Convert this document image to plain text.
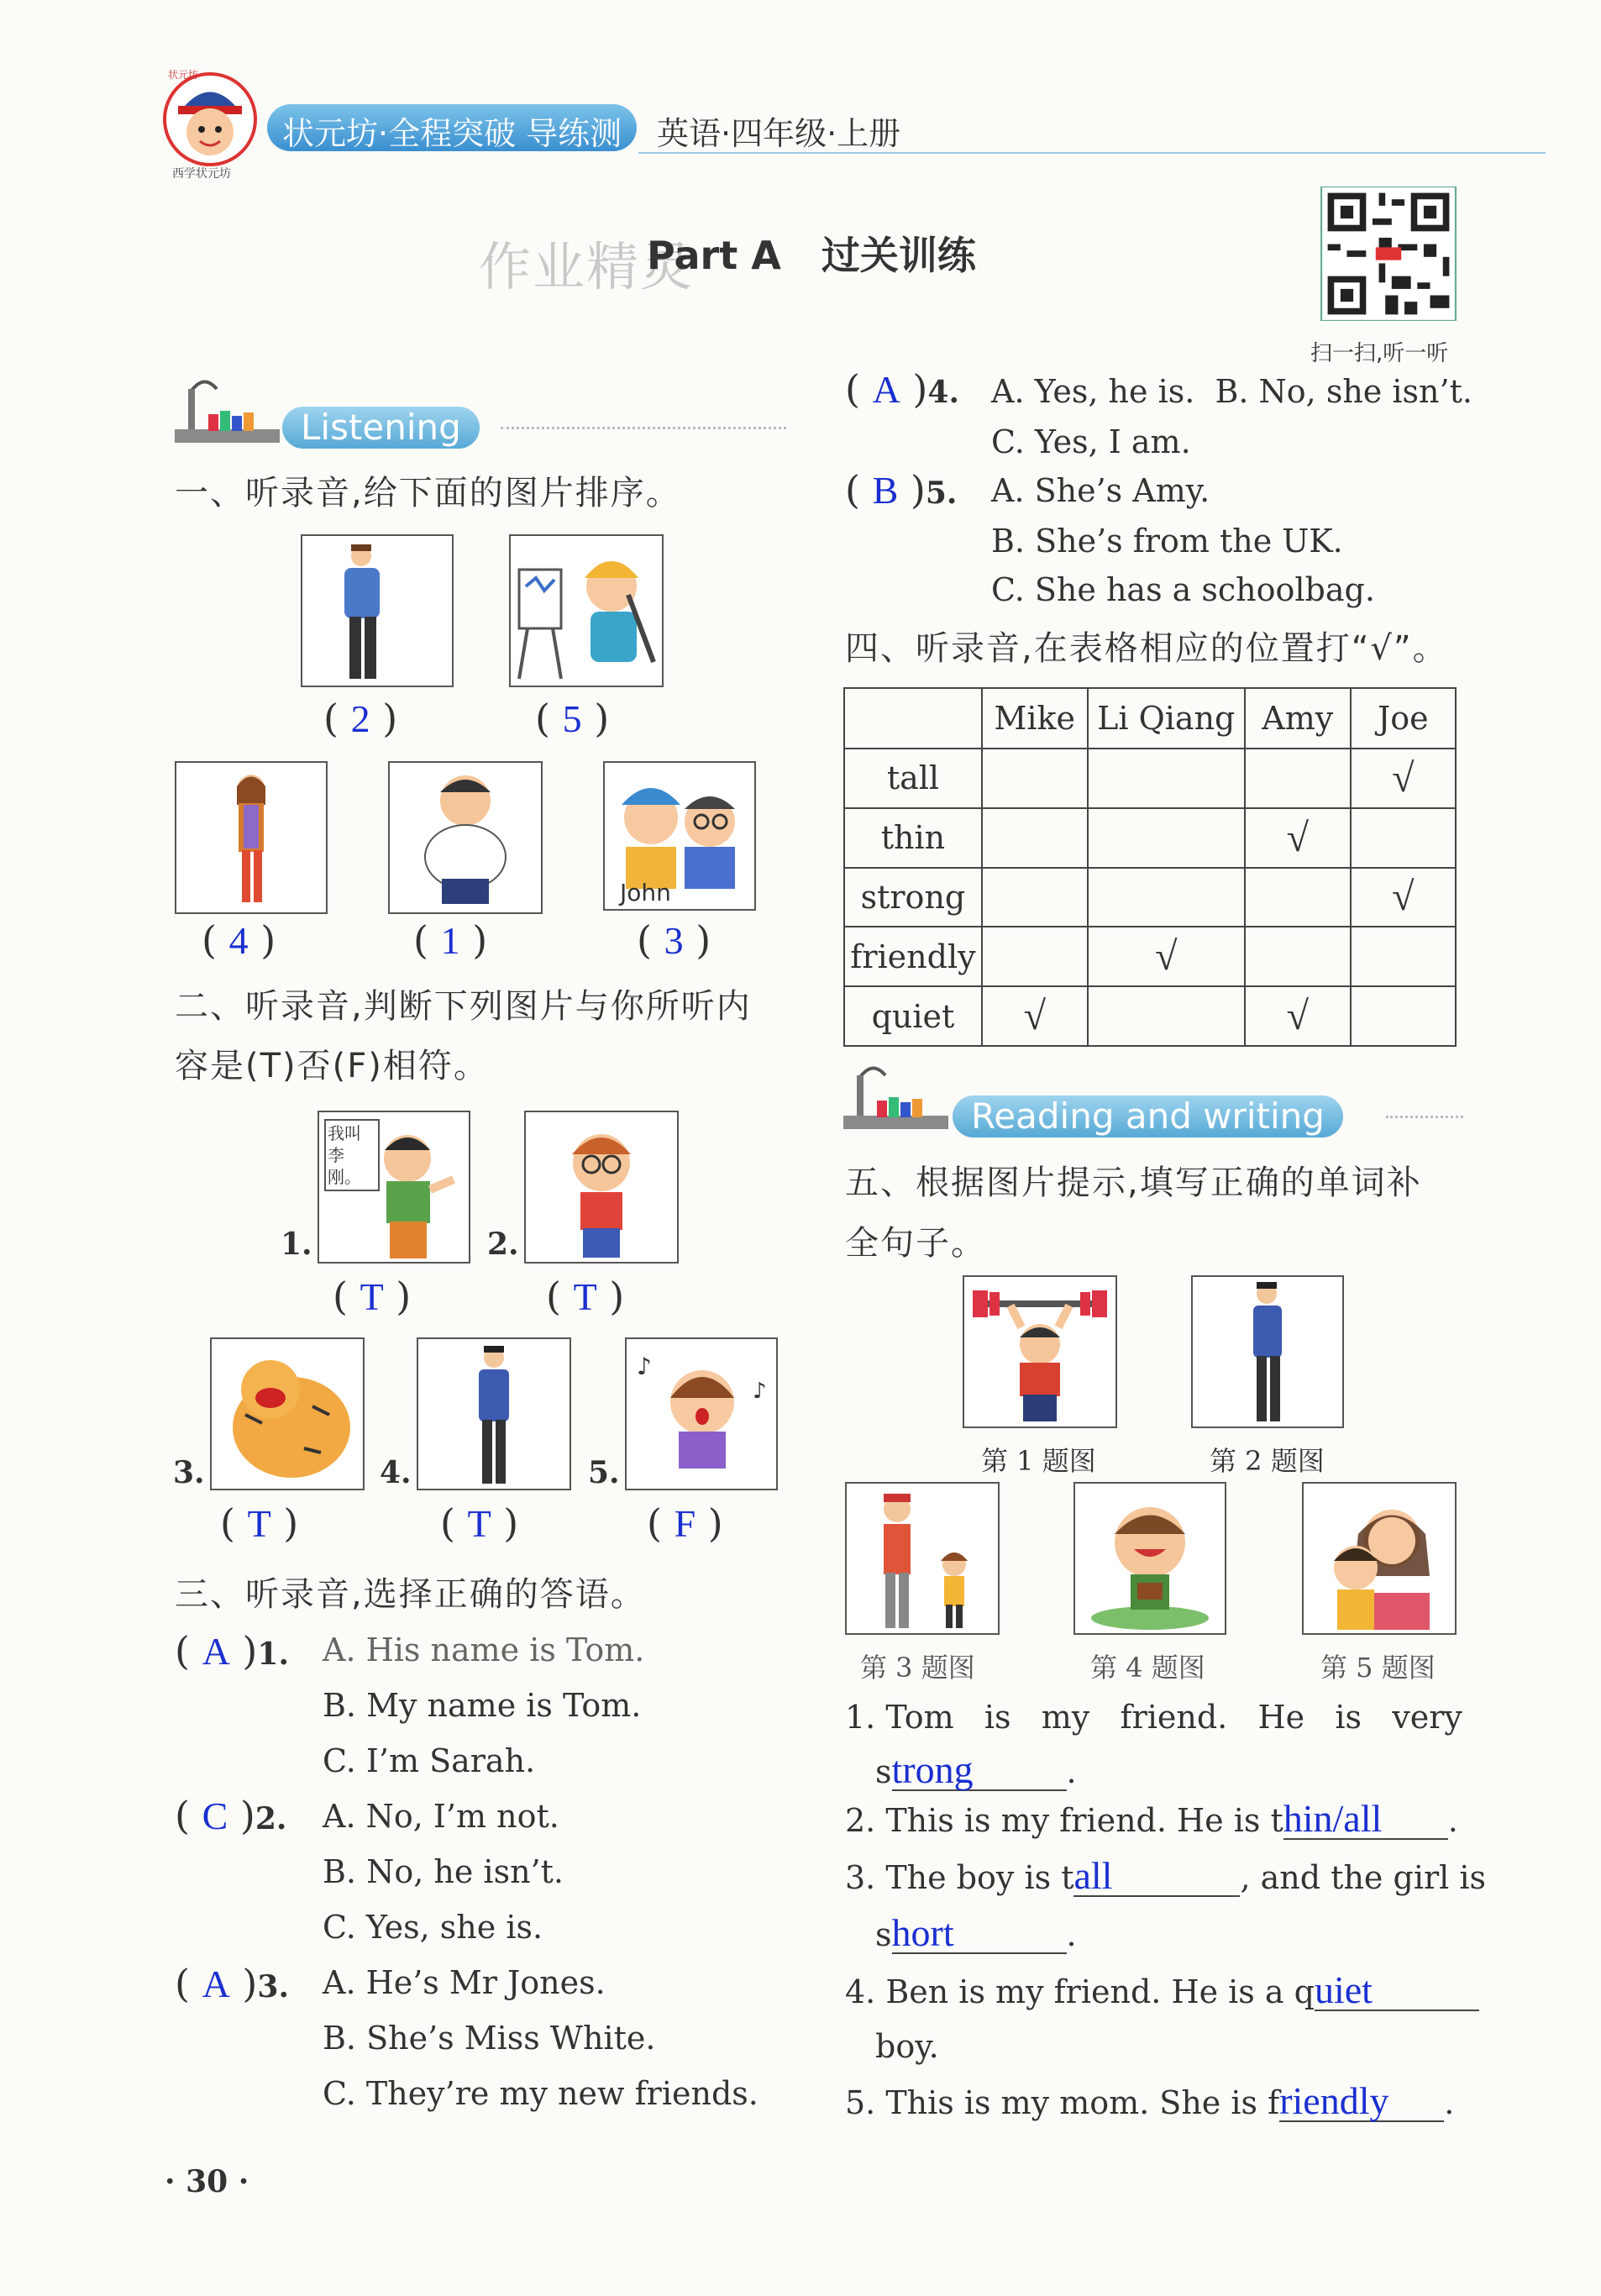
状元坊
西学状元坊
状元坊·全程突破 导练测 英语·四年级·上册
作业精灵
Part A   过关训练
扫一扫,听一听
Listening
一、听录音,给下面的图片排序。
( 2 )	( 5 )
John
( 4 )	( 1 )	( 3 )
二、听录音,判断下列图片与你所听内
容是(T)否(F)相符。
1.
我叫李刚。
2.
( T )	( T )
3.	4.	5.
♪
♪
( T )	( T )	( F )
三、听录音,选择正确的答语。
( A )1. A. His name is Tom.
B. My name is Tom.
C. I’m Sarah.
( C )2. A. No, I’m not.
B. No, he isn’t.
C. Yes, she is.
( A )3. A. He’s Mr Jones.
B. She’s Miss White.
C. They’re my new friends.
· 30 ·
( A )4. A. Yes, he is.  B. No, she isn’t.
C. Yes, I am.
( B )5. A. She’s Amy.
B. She’s from the UK.
C. She has a schoolbag.
四、听录音,在表格相应的位置打“√”。
	Mike	Li Qiang	Amy	Joe
tall				√
thin			√	
strong				√
friendly		√		
quiet	√		√	
Reading and writing
五、根据图片提示,填写正确的单词补
全句子。
第 1 题图	第 2 题图
第 3 题图	第 4 题图	第 5 题图
1. Tom   is   my   friend.   He   is   very
strong	.
2. This is my friend. He is thin/all .
3. The boy is tall	, and the girl is
short	.
4. Ben is my friend. He is a quiet
boy.
5. This is my mom. She is friendly .
